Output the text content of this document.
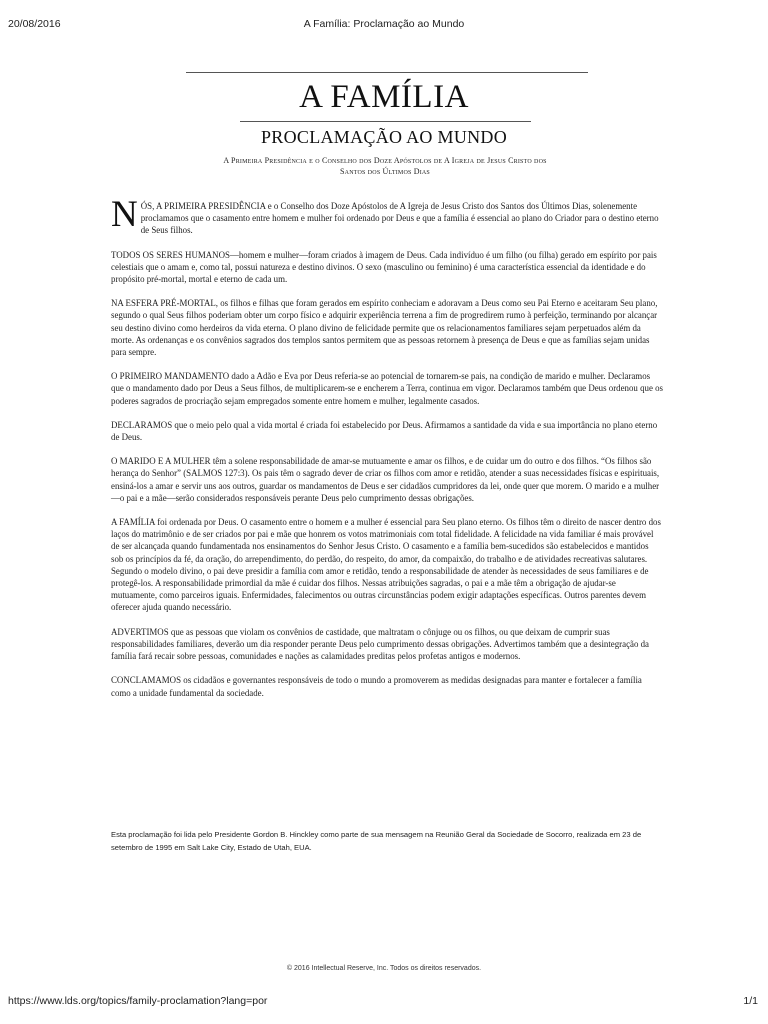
20/08/2016	A Família: Proclamação ao Mundo
A FAMÍLIA
PROCLAMAÇÃO AO MUNDO
A Primeira Presidência e o Conselho dos Doze Apóstolos de A Igreja de Jesus Cristo dos
Santos dos Últimos Dias

NÓS, A PRIMEIRA PRESIDÊNCIA e o Conselho dos Doze Apóstolos de A Igreja de Jesus Cristo dos Santos dos Últimos Dias, solenemente proclamamos que o casamento entre homem e mulher foi ordenado por Deus e que a família é essencial ao plano do Criador para o destino eterno de Seus filhos.

TODOS OS SERES HUMANOS—homem e mulher—foram criados à imagem de Deus. Cada indivíduo é um filho (ou filha) gerado em espírito por pais celestiais que o amam e, como tal, possui natureza e destino divinos. O sexo (masculino ou feminino) é uma característica essencial da identidade e do propósito pré-mortal, mortal e eterno de cada um.

NA ESFERA PRÉ-MORTAL, os filhos e filhas que foram gerados em espírito conheciam e adoravam a Deus como seu Pai Eterno e aceitaram Seu plano, segundo o qual Seus filhos poderiam obter um corpo físico e adquirir experiência terrena a fim de progredirem rumo à perfeição, terminando por alcançar seu destino divino como herdeiros da vida eterna. O plano divino de felicidade permite que os relacionamentos familiares sejam perpetuados além da morte. As ordenanças e os convênios sagrados dos templos santos permitem que as pessoas retornem à presença de Deus e que as famílias sejam unidas para sempre.

O PRIMEIRO MANDAMENTO dado a Adão e Eva por Deus referia-se ao potencial de tornarem-se pais, na condição de marido e mulher. Declaramos que o mandamento dado por Deus a Seus filhos, de multiplicarem-se e encherem a Terra, continua em vigor. Declaramos também que Deus ordenou que os poderes sagrados de procriação sejam empregados somente entre homem e mulher, legalmente casados.

DECLARAMOS que o meio pelo qual a vida mortal é criada foi estabelecido por Deus. Afirmamos a santidade da vida e sua importância no plano eterno de Deus.

O MARIDO E A MULHER têm a solene responsabilidade de amar-se mutuamente e amar os filhos, e de cuidar um do outro e dos filhos. “Os filhos são herança do Senhor” (SALMOS 127:3). Os pais têm o sagrado dever de criar os filhos com amor e retidão, atender a suas necessidades físicas e espirituais, ensiná-los a amar e servir uns aos outros, guardar os mandamentos de Deus e ser cidadãos cumpridores da lei, onde quer que morem. O marido e a mulher—o pai e a mãe—serão considerados responsáveis perante Deus pelo cumprimento dessas obrigações.

A FAMÍLIA foi ordenada por Deus. O casamento entre o homem e a mulher é essencial para Seu plano eterno. Os filhos têm o direito de nascer dentro dos laços do matrimônio e de ser criados por pai e mãe que honrem os votos matrimoniais com total fidelidade. A felicidade na vida familiar é mais provável de ser alcançada quando fundamentada nos ensinamentos do Senhor Jesus Cristo. O casamento e a família bem-sucedidos são estabelecidos e mantidos sob os princípios da fé, da oração, do arrependimento, do perdão, do respeito, do amor, da compaixão, do trabalho e de atividades recreativas salutares. Segundo o modelo divino, o pai deve presidir a família com amor e retidão, tendo a responsabilidade de atender às necessidades de seus familiares e de protegê-los. A responsabilidade primordial da mãe é cuidar dos filhos. Nessas atribuições sagradas, o pai e a mãe têm a obrigação de ajudar-se mutuamente, como parceiros iguais. Enfermidades, falecimentos ou outras circunstâncias podem exigir adaptações específicas. Outros parentes devem oferecer ajuda quando necessário.

ADVERTIMOS que as pessoas que violam os convênios de castidade, que maltratam o cônjuge ou os filhos, ou que deixam de cumprir suas responsabilidades familiares, deverão um dia responder perante Deus pelo cumprimento dessas obrigações. Advertimos também que a desintegração da família fará recair sobre pessoas, comunidades e nações as calamidades preditas pelos profetas antigos e modernos.

CONCLAMAMOS os cidadãos e governantes responsáveis de todo o mundo a promoverem as medidas designadas para manter e fortalecer a família como a unidade fundamental da sociedade.

Esta proclamação foi lida pelo Presidente Gordon B. Hinckley como parte de sua mensagem na Reunião Geral da Sociedade de Socorro, realizada em 23 de setembro de 1995 em Salt Lake City, Estado de Utah, EUA.
© 2016 Intellectual Reserve, Inc. Todos os direitos reservados.
https://www.lds.org/topics/family-proclamation?lang=por	1/1
